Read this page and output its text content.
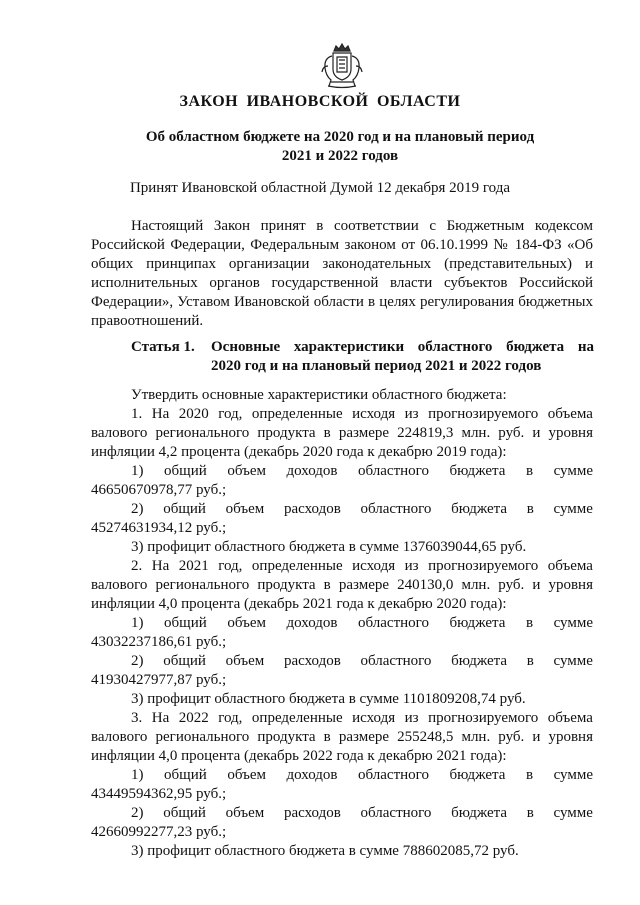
ЗАКОН ИВАНОВСКОЙ ОБЛАСТИ
Об областном бюджете на 2020 год и на плановый период
2021 и 2022 годов
Принят Ивановской областной Думой 12 декабря 2019 года

Настоящий Закон принят в соответствии с Бюджетным кодексом Российской Федерации, Федеральным законом от 06.10.1999 № 184-ФЗ «Об общих принципах организации законодательных (представительных) и исполнительных органов государственной власти субъектов Российской Федерации», Уставом Ивановской области в целях регулирования бюджетных правоотношений.

Статья 1.	Основные характеристики областного бюджета на
2020 год и на плановый период 2021 и 2022 годов
Утвердить основные характеристики областного бюджета:
1. На 2020 год, определенные исходя из прогнозируемого объема
валового регионального продукта в размере 224819,3 млн. руб. и уровня
инфляции 4,2 процента (декабрь 2020 года к декабрю 2019 года):
1) общий объем доходов областного бюджета в сумме
46650670978,77 руб.;
2) общий объем расходов областного бюджета в сумме
45274631934,12 руб.;
3) профицит областного бюджета в сумме 1376039044,65 руб.
2. На 2021 год, определенные исходя из прогнозируемого объема
валового регионального продукта в размере 240130,0 млн. руб. и уровня
инфляции 4,0 процента (декабрь 2021 года к декабрю 2020 года):
1) общий объем доходов областного бюджета в сумме
43032237186,61 руб.;
2) общий объем расходов областного бюджета в сумме
41930427977,87 руб.;
3) профицит областного бюджета в сумме 1101809208,74 руб.
3. На 2022 год, определенные исходя из прогнозируемого объема
валового регионального продукта в размере 255248,5 млн. руб. и уровня
инфляции 4,0 процента (декабрь 2022 года к декабрю 2021 года):
1) общий объем доходов областного бюджета в сумме
43449594362,95 руб.;
2) общий объем расходов областного бюджета в сумме
42660992277,23 руб.;
3) профицит областного бюджета в сумме 788602085,72 руб.
